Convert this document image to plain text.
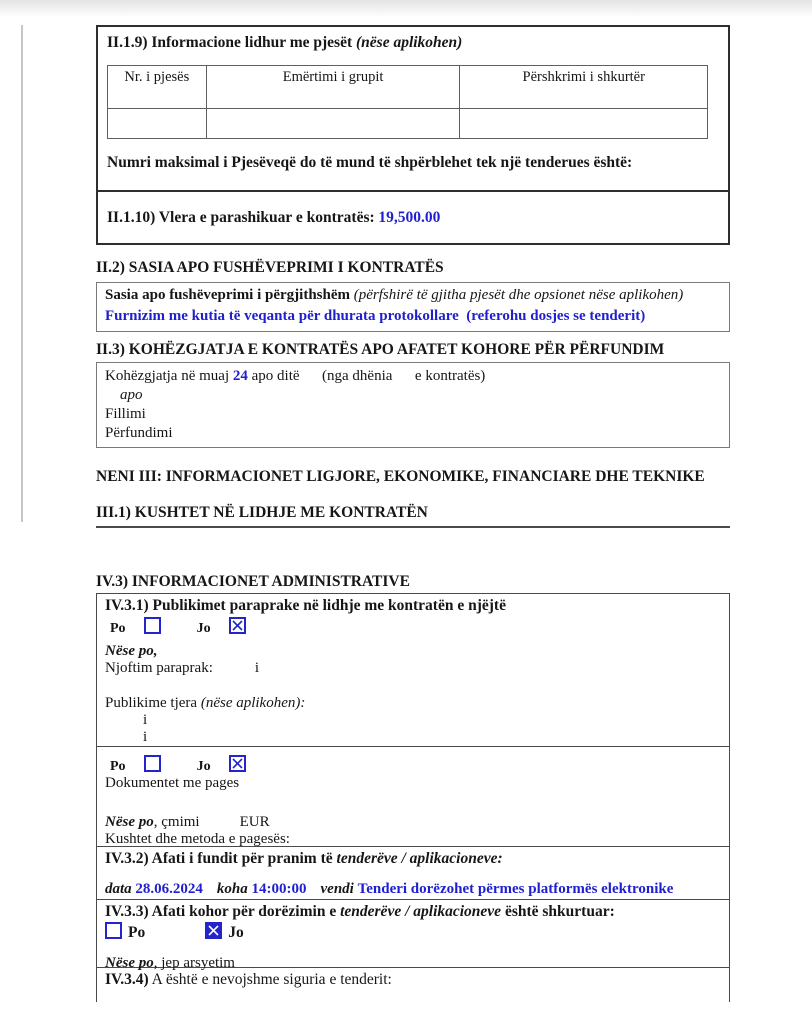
II.1.9) Informacione lidhur me pjesët (nëse aplikohen)
Nr. i pjesës	Emërtimi i grupit	Përshkrimi i shkurtër

Numri maksimal i Pjesëveqë do të mund të shpërblehet tek një tenderues është:
II.1.10) Vlera e parashikuar e kontratës: 19,500.00
II.2) SASIA APO FUSHËVEPRIMI I KONTRATËS
Sasia apo fushëveprimi i përgjithshëm (përfshirë të gjitha pjesët dhe opsionet nëse aplikohen)
Furnizim me kutia të veqanta për dhurata protokollare  (referohu dosjes se tenderit)
II.3) KOHËZGJATJA E KONTRATËS APO AFATET KOHORE PËR PËRFUNDIM
Kohëzgjatja në muaj 24 apo ditë      (nga dhënia      e kontratës)
apo
Fillimi
Përfundimi
NENI III: INFORMACIONET LIGJORE, EKONOMIKE, FINANCIARE DHE TEKNIKE
III.1) KUSHTET NË LIDHJE ME KONTRATËN
IV.3) INFORMACIONET ADMINISTRATIVE
IV.3.1) Publikimet paraprake në lidhje me kontratën e njëjtë
Po	Jo
Nëse po,
Njoftim paraprak:	i
Publikime tjera (nëse aplikohen):
i
i
Po	Jo
Dokumentet me pages
Nëse po, çmimi	EUR
Kushtet dhe metoda e pagesës:
IV.3.2) Afati i fundit për pranim të tenderëve / aplikacioneve:
data 28.06.2024 koha 14:00:00 vendi Tenderi dorëzohet përmes platformës elektronike
IV.3.3) Afati kohor për dorëzimin e tenderëve / aplikacioneve është shkurtuar:
Po	Jo
Nëse po, jep arsyetim
IV.3.4) A është e nevojshme siguria e tenderit:
